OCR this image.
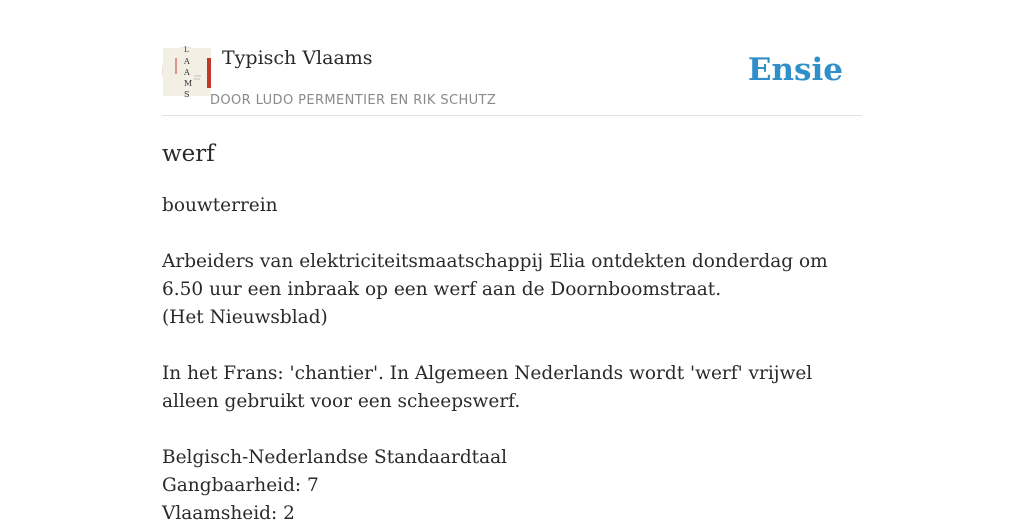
L
A
A
M
S
Typisch Vlaams
DOOR LUDO PERMENTIER EN RIK SCHUTZ
Ensie
werf

bouwterrein

Arbeiders van elektriciteitsmaatschappij Elia ontdekten donderdag om 6.50 uur een inbraak op een werf aan de Doornboomstraat.

(Het Nieuwsblad)

In het Frans: 'chantier'. In Algemeen Nederlands wordt 'werf' vrijwel alleen gebruikt voor een scheepswerf.

Belgisch-Nederlandse Standaardtaal

Gangbaarheid: 7

Vlaamsheid: 2
